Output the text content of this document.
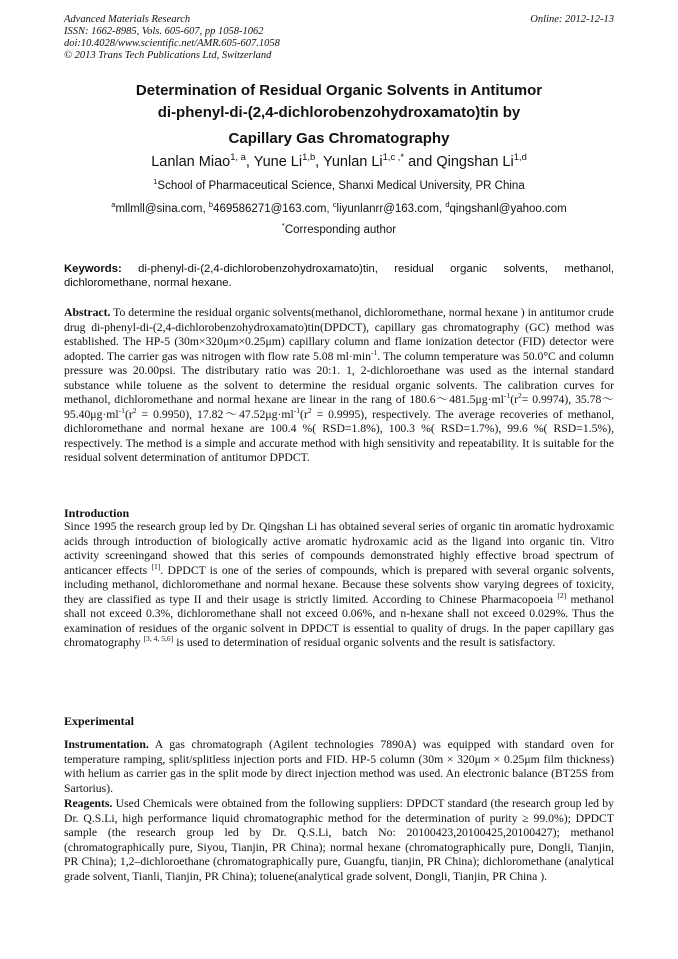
Advanced Materials Research
ISSN: 1662-8985, Vols. 605-607, pp 1058-1062
doi:10.4028/www.scientific.net/AMR.605-607.1058
© 2013 Trans Tech Publications Ltd, Switzerland
Online: 2012-12-13
Determination of Residual Organic Solvents in Antitumor
di-phenyl-di-(2,4-dichlorobenzohydroxamato)tin by
Capillary Gas Chromatography
Lanlan Miao$^{1, a}$, Yune Li$^{1,b}$, Yunlan $Li^{1,c ,*}$ and Qingshan Li$^{1,d}$
$^1$School of Pharmaceutical Science, Shanxi Medical University, PR China
$^a$mllmll@sina.com, $^b$469586271@163.com, $^c$liyunlanrr@163.com, $^d$qingshanl@yahoo.com
*Corresponding author
Keywords: di-phenyl-di-(2,4-dichlorobenzohydroxamato)tin, residual organic solvents, methanol, dichloromethane, normal hexane.
Abstract. To determine the residual organic solvents(methanol, dichloromethane, normal hexane ) in antitumor crude drug di-phenyl-di-(2,4-dichlorobenzohydroxamato)tin(DPDCT), capillary gas chromatography (GC) method was established. The HP-5 (30m×320μm×0.25μm) capillary column and flame ionization detector (FID) detector were adopted. The carrier gas was nitrogen with flow rate 5.08 $ml\cdot\min^{-1}$. The column temperature was 50.0°C and column pressure was 20.00psi. The distributary ratio was 20:1. 1, 2-dichloroethane was used as the internal standard substance while toluene as the solvent to determine the residual organic solvents. The calibration curves for methanol, dichloromethane and normal hexane are linear in the rang of $180.6\sim 481.5\mu g\cdot ml^{-1}(r^2= 0.9974)$, $35.78\sim 95.40\mu g\cdot ml^{-1}(r^2 = 0.9950)$, $17.82\sim 47.52\mu g\cdot ml^{-1}(r^2 = 0.9995)$, respectively. The average recoveries of methanol, dichloromethane and normal hexane are 100.4 %( RSD=1.8%), 100.3 %( RSD=1.7%), 99.6 %( RSD=1.5%), respectively. The method is a simple and accurate method with high sensitivity and repeatability. It is suitable for the residual solvent determination of antitumor DPDCT.
Introduction
Since 1995 the research group led by Dr. Qingshan Li has obtained several series of organic tin aromatic hydroxamic acids through introduction of biologically active aromatic hydroxamic acid as the ligand into organic tin. Vitro activity screeningand showed that this series of compounds demonstrated highly effective broad spectrum of anticancer effects [1]. DPDCT is one of the series of compounds, which is prepared with several organic solvents, including methanol, dichloromethane and normal hexane. Because these solvents show varying degrees of toxicity, they are classified as type II and their usage is strictly limited. According to Chinese Pharmacopoeia [2] methanol shall not exceed 0.3%, dichloromethane shall not exceed 0.06%, and n-hexane shall not exceed 0.029%. Thus the examination of residues of the organic solvent in DPDCT is essential to quality of drugs. In the paper capillary gas chromatography [3, 4, 5,6] is used to determination of residual organic solvents and the result is satisfactory.
Experimental
Instrumentation. A gas chromatograph (Agilent technologies 7890A) was equipped with standard oven for temperature ramping, split/splitless injection ports and FID. HP-5 column (30m × 320μm × 0.25μm film thickness) with helium as carrier gas in the split mode by direct injection method was used. An electronic balance (BT25S from Sartorius).
Reagents. Used Chemicals were obtained from the following suppliers: DPDCT standard (the research group led by Dr. Q.S.Li, high performance liquid chromatographic method for the determination of purity ≥ 99.0%); DPDCT sample (the research group led by Dr. Q.S.Li, batch No: 20100423,20100425,20100427); methanol (chromatographically pure, Siyou, Tianjin, PR China); normal hexane (chromatographically pure, Dongli, Tianjin, PR China); 1,2–dichloroethane (chromatographically pure, Guangfu, tianjin, PR China); dichloromethane (analytical grade solvent, Tianli, Tianjin, PR China); toluene(analytical grade solvent, Dongli, Tianjin, PR China ).
